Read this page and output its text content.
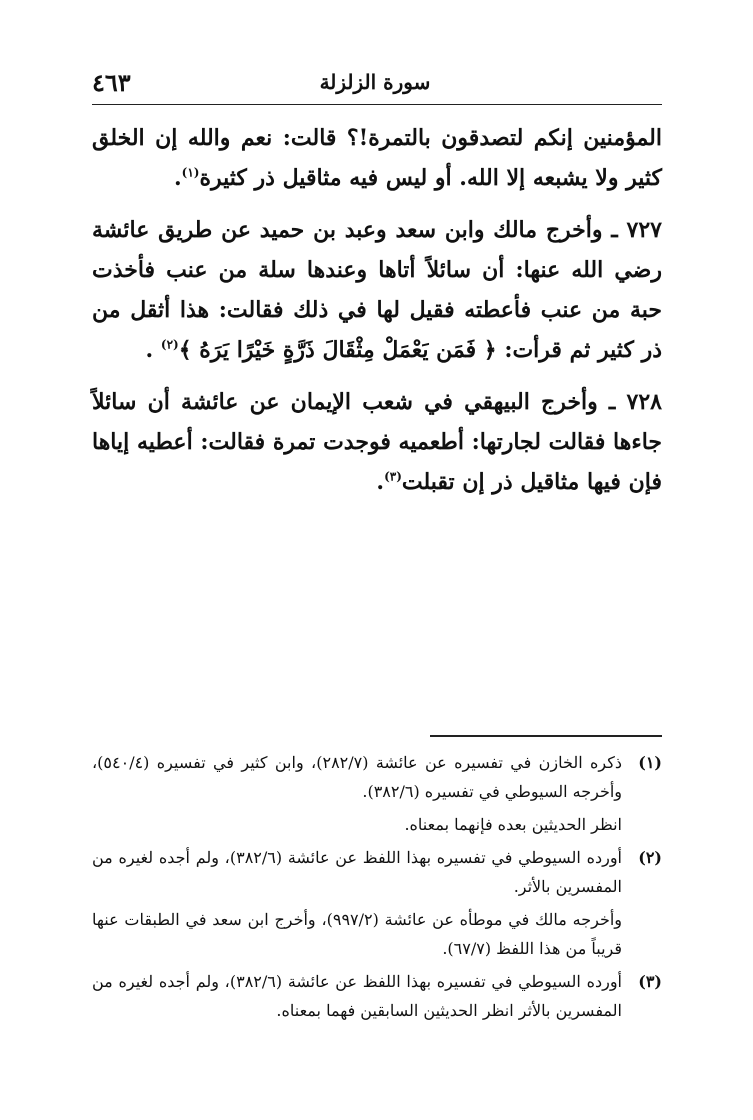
٤٦٣	سورة الزلزلة

المؤمنين إنكم لتصدقون بالتمرة!؟ قالت: نعم والله إن الخلق كثير ولا يشبعه إلا الله. أو ليس فيه مثاقيل ذر كثيرة$^{(١)}$.

٧٢٧ ـ وأخرج مالك وابن سعد وعبد بن حميد عن طريق عائشة رضي الله عنها: أن سائلاً أتاها وعندها سلة من عنب فأخذت حبة من عنب فأعطته فقيل لها في ذلك فقالت: هذا أثقل من ذر كثير ثم قرأت: ﴿ فَمَن يَعْمَلْ مِثْقَالَ ذَرَّةٍ خَيْرًا يَرَهُ ﴾$^{(٢)}$ .

٧٢٨ ـ وأخرج البيهقي في شعب الإيمان عن عائشة أن سائلاً جاءها فقالت لجارتها: أطعميه فوجدت تمرة فقالت: أعطيه إياها فإن فيها مثاقيل ذر إن تقبلت$^{(٣)}$.

(١)
ذكره الخازن في تفسيره عن عائشة (٢٨٢/٧)، وابن كثير في تفسيره (٥٤٠/٤)، وأخرجه السيوطي في تفسيره (٣٨٢/٦).
انظر الحديثين بعده فإنهما بمعناه.
(٢)
أورده السيوطي في تفسيره بهذا اللفظ عن عائشة (٣٨٢/٦)، ولم أجده لغيره من المفسرين بالأثر.
وأخرجه مالك في موطأه عن عائشة (٩٩٧/٢)، وأخرج ابن سعد في الطبقات عنها قريباً من هذا اللفظ (٦٧/٧).
(٣)
أورده السيوطي في تفسيره بهذا اللفظ عن عائشة (٣٨٢/٦)، ولم أجده لغيره من المفسرين بالأثر انظر الحديثين السابقين فهما بمعناه.
